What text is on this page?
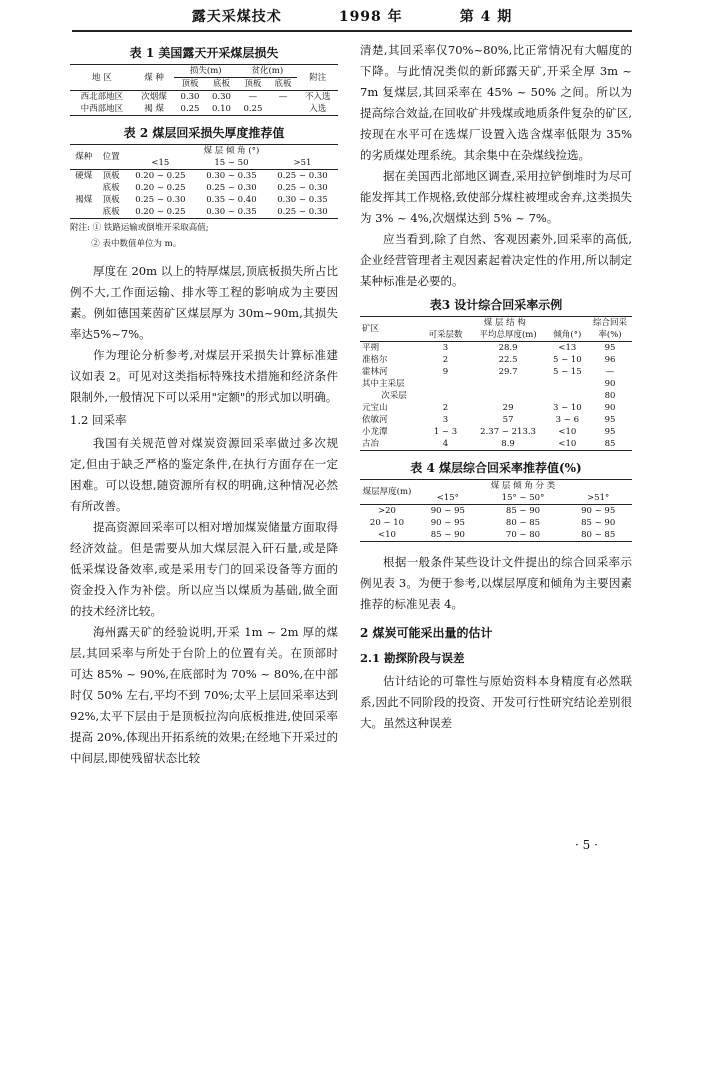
露天采煤技术	1998 年	第 4 期
表 1 美国露天开采煤层损失
地 区	煤 种	损失(m)		贫化(m)		附注
		顶板	底板	顶板	底板	
西北部地区	次烟煤	0.30	0.30	—	—	不入选
中西部地区	褐 煤	0.25	0.10	0.25		入选
表 2 煤层回采损失厚度推荐值
煤种	位置	煤 层 倾 角 (°)		
		<15	15 ~ 50	>51
硬煤	顶板	0.20 ~ 0.25	0.30 ~ 0.35	0.25 ~ 0.30
	底板	0.20 ~ 0.25	0.25 ~ 0.30	0.25 ~ 0.30
褐煤	顶板	0.25 ~ 0.30	0.35 ~ 0.40	0.30 ~ 0.35
	底板	0.20 ~ 0.25	0.30 ~ 0.35	0.25 ~ 0.30
附注: ① 铁路运输或倒堆开采取高值;
② 表中数值单位为 m。

厚度在 20m 以上的特厚煤层,顶底板损失所占比例不大,工作面运输、排水等工程的影响成为主要因素。例如德国莱茵矿区煤层厚为 30m~90m,其损失率达5%~7%。

作为理论分析参考,对煤层开采损失计算标准建议如表 2。可见对这类指标特殊技术措施和经济条件限制外,一般情况下可以采用"定额"的形式加以明确。

1.2 回采率

我国有关规范曾对煤炭资源回采率做过多次规定,但由于缺乏严格的鉴定条件,在执行方面存在一定困难。可以设想,随资源所有权的明确,这种情况必然有所改善。

提高资源回采率可以相对增加煤炭储量方面取得经济效益。但是需要从加大煤层混入矸石量,或是降低采煤设备效率,或是采用专门的回采设备等方面的资金投入作为补偿。所以应当以煤质为基础,做全面的技术经济比较。

海州露天矿的经验说明,开采 1m ~ 2m 厚的煤层,其回采率与所处于台阶上的位置有关。在顶部时可达 85% ~ 90%,在底部时为 70% ~ 80%,在中部时仅 50% 左右,平均不到 70%;太平上层回采率达到 92%,太平下层由于是顶板拉沟向底板推进,使回采率提高 20%,体现出开拓系统的效果;在经地下开采过的中间层,即使残留状态比较

清楚,其回采率仅70%~80%,比正常情况有大幅度的下降。与此情况类似的新邱露天矿,开采全厚 3m ~ 7m 复煤层,其回采率在 45% ~ 50% 之间。所以为提高综合效益,在回收矿井残煤或地质条件复杂的矿区,按现在水平可在选煤厂设置入选含煤率低限为 35% 的劣质煤处理系统。其余集中在杂煤线捡选。

据在美国西北部地区调查,采用拉铲倒堆时为尽可能发挥其工作规格,致使部分煤柱被埋或舍弃,这类损失为 3% ~ 4%,次烟煤达到 5% ~ 7%。

应当看到,除了自然、客观因素外,回采率的高低,企业经营管理者主观因素起着决定性的作用,所以制定某种标准是必要的。

表3 设计综合回采率示例
矿区	煤 层 结 构			综合回采率(%)
	可采层数	平均总厚度(m)	倾角(°)	
平朔	3	28.9	<13	95
准格尔	2	22.5	5 ~ 10	96
霍林河	9	29.7	5 ~ 15	—
其中主采层				90
次采层				80
元宝山	2	29	3 ~ 10	90
依敏河	3	57	3 ~ 6	95
小龙潭	1 ~ 3	2.37 ~ 213.3	<10	95
古冶	4	8.9	<10	85
表 4 煤层综合回采率推荐值(%)
煤层厚度(m)	煤 层 倾 角 分 类		
	<15°	15° ~ 50°	>51°
>20	90 ~ 95	85 ~ 90	90 ~ 95
20 ~ 10	90 ~ 95	80 ~ 85	85 ~ 90
<10	85 ~ 90	70 ~ 80	80 ~ 85

根据一般条件某些设计文件提出的综合回采率示例见表 3。为便于参考,以煤层厚度和倾角为主要因素推荐的标准见表 4。

2 煤炭可能采出量的估计
2.1 勘探阶段与误差

估计结论的可靠性与原始资料本身精度有必然联系,因此不同阶段的投资、开发可行性研究结论差别很大。虽然这种误差

· 5 ·
